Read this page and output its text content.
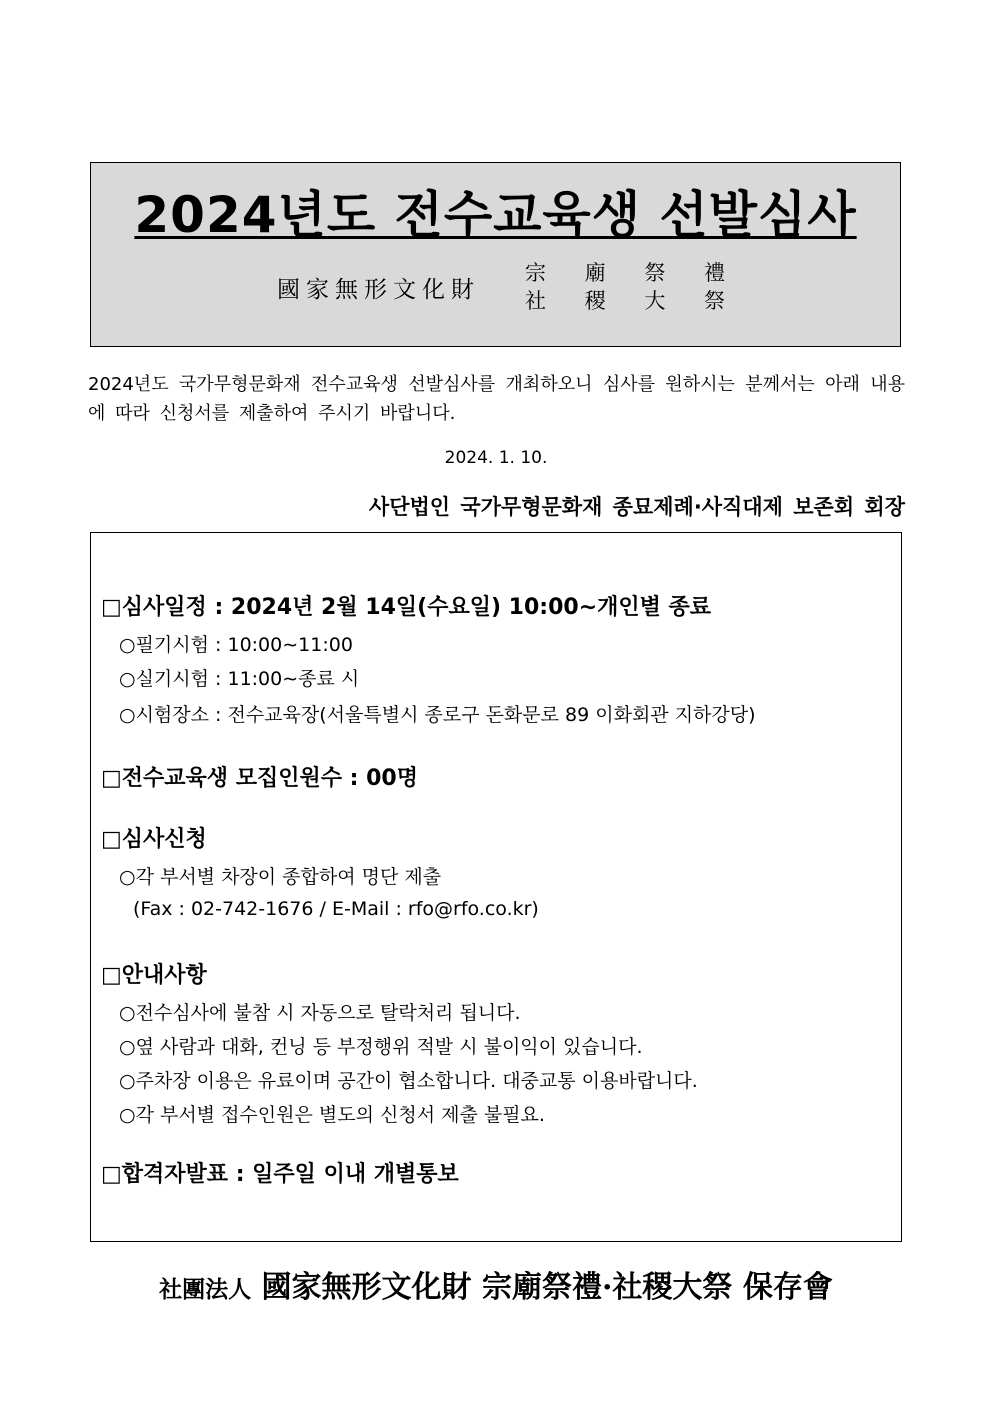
2024년도 전수교육생 선발심사
國家無形文化財
宗 廟 祭 禮
社 稷 大 祭
2024년도 국가무형문화재 전수교육생 선발심사를 개최하오니 심사를 원하시는 분께서는 아래 내용에 따라 신청서를 제출하여 주시기 바랍니다.
2024. 1. 10.
사단법인 국가무형문화재 종묘제례·사직대제 보존회 회장
□심사일정 : 2024년 2월 14일(수요일) 10:00∼개인별 종료
○필기시험 : 10:00∼11:00
○실기시험 : 11:00∼종료 시
○시험장소 : 전수교육장(서울특별시 종로구 돈화문로 89 이화회관 지하강당)
□전수교육생 모집인원수 : 00명
□심사신청
○각 부서별 차장이 종합하여 명단 제출
(Fax : 02-742-1676 / E-Mail : rfo@rfo.co.kr)
□안내사항
○전수심사에 불참 시 자동으로 탈락처리 됩니다.
○옆 사람과 대화, 컨닝 등 부정행위 적발 시 불이익이 있습니다.
○주차장 이용은 유료이며 공간이 협소합니다. 대중교통 이용바랍니다.
○각 부서별 접수인원은 별도의 신청서 제출 불필요.
□합격자발표 : 일주일 이내 개별통보
社團法人 國家無形文化財 宗廟祭禮·社稷大祭 保存會
